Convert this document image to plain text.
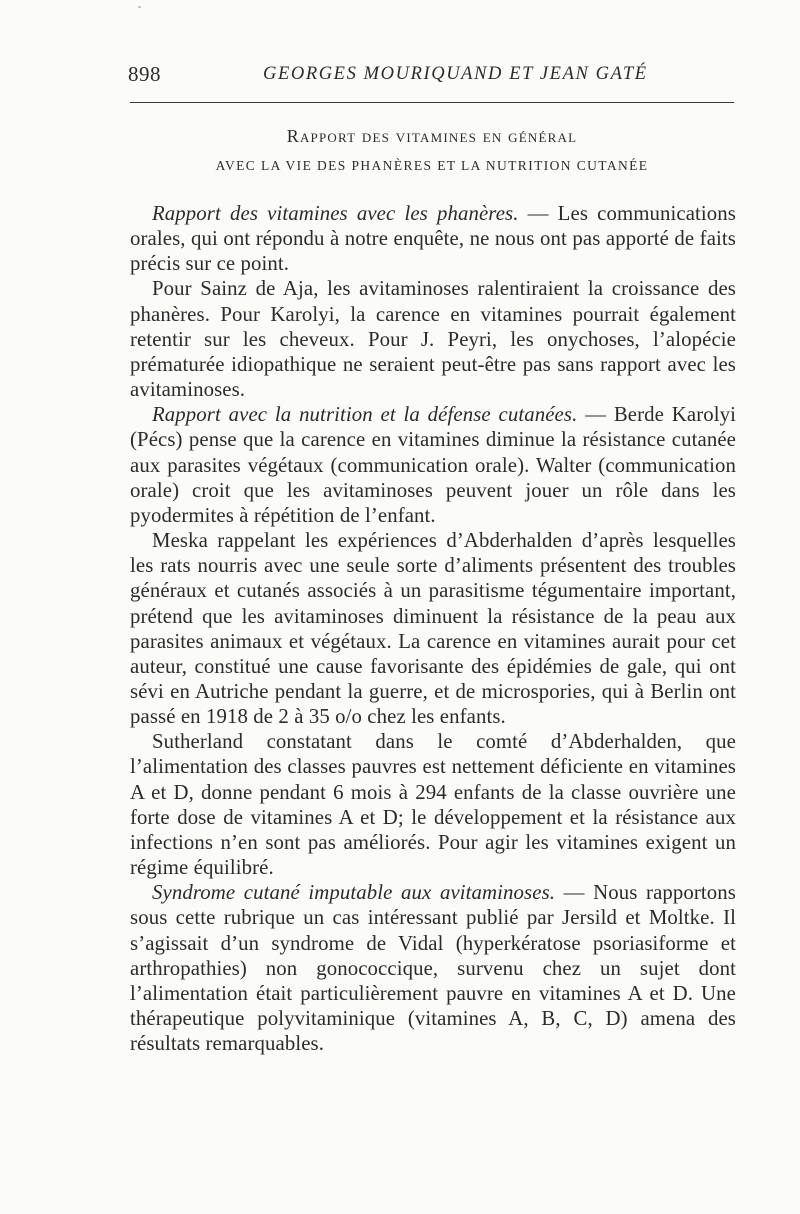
898	GEORGES MOURIQUAND ET JEAN GATÉ
Rapport des vitamines en général
AVEC LA VIE DES PHANÈRES ET LA NUTRITION CUTANÉE

Rapport des vitamines avec les phanères. — Les communications orales, qui ont répondu à notre enquête, ne nous ont pas apporté de faits précis sur ce point.

Pour Sainz de Aja, les avitaminoses ralentiraient la croissance des phanères. Pour Karolyi, la carence en vitamines pourrait également retentir sur les cheveux. Pour J. Peyri, les onychoses, l’alopécie prématurée idiopathique ne seraient peut-être pas sans rapport avec les avitaminoses.

Rapport avec la nutrition et la défense cutanées. — Berde Karolyi (Pécs) pense que la carence en vitamines diminue la résistance cutanée aux parasites végétaux (communication orale). Walter (communication orale) croit que les avitaminoses peuvent jouer un rôle dans les pyodermites à répétition de l’enfant.

Meska rappelant les expériences d’Abderhalden d’après lesquelles les rats nourris avec une seule sorte d’aliments présentent des troubles généraux et cutanés associés à un parasitisme tégumentaire important, prétend que les avitaminoses diminuent la résistance de la peau aux parasites animaux et végétaux. La carence en vitamines aurait pour cet auteur, constitué une cause favorisante des épidémies de gale, qui ont sévi en Autriche pendant la guerre, et de microspories, qui à Berlin ont passé en 1918 de 2 à 35 o/o chez les enfants.

Sutherland constatant dans le comté d’Abderhalden, que l’alimentation des classes pauvres est nettement déficiente en vitamines A et D, donne pendant 6 mois à 294 enfants de la classe ouvrière une forte dose de vitamines A et D; le développement et la résistance aux infections n’en sont pas améliorés. Pour agir les vitamines exigent un régime équilibré.

Syndrome cutané imputable aux avitaminoses. — Nous rapportons sous cette rubrique un cas intéressant publié par Jersild et Moltke. Il s’agissait d’un syndrome de Vidal (hyperkératose psoriasiforme et arthropathies) non gonococcique, survenu chez un sujet dont l’alimentation était particulièrement pauvre en vitamines A et D. Une thérapeutique polyvitaminique (vitamines A, B, C, D) amena des résultats remarquables.
